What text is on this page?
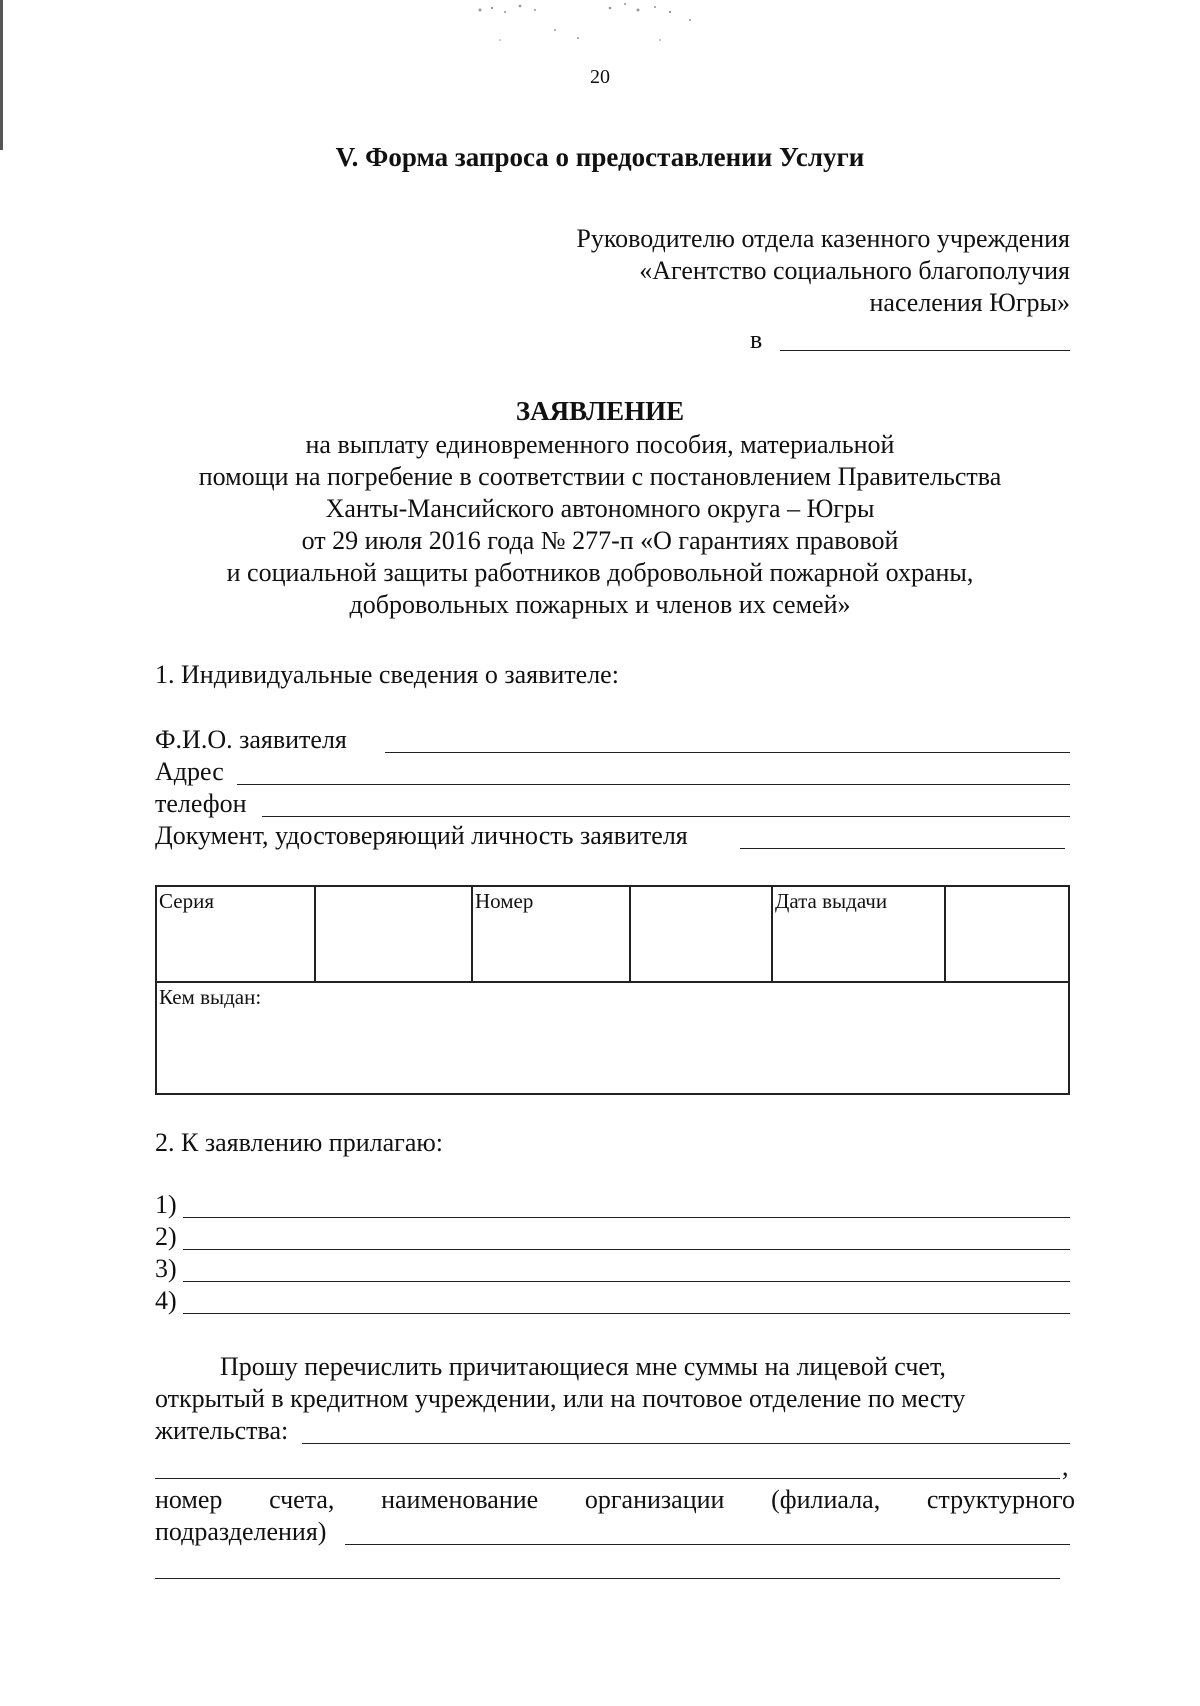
20
V. Форма запроса о предоставлении Услуги
Руководителю отдела казенного учреждения
«Агентство социального благополучия
населения Югры»
в
ЗАЯВЛЕНИЕ
на выплату единовременного пособия, материальной
помощи на погребение в соответствии с постановлением Правительства
Ханты-Мансийского автономного округа – Югры
от 29 июля 2016 года № 277-п «О гарантиях правовой
и социальной защиты работников добровольной пожарной охраны,
добровольных пожарных и членов их семей»
1. Индивидуальные сведения о заявителе:
Ф.И.О. заявителя
Адрес
телефон
Документ, удостоверяющий личность заявителя
Серия	Номер	Дата выдачи
Кем выдан:
2. К заявлению прилагаю:
1)
2)
3)
4)
Прошу перечислить причитающиеся мне суммы на лицевой счет,
открытый в кредитном учреждении, или на почтовое отделение по месту
жительства:
,
номер счета, наименование организации (филиала, структурного
подразделения)
